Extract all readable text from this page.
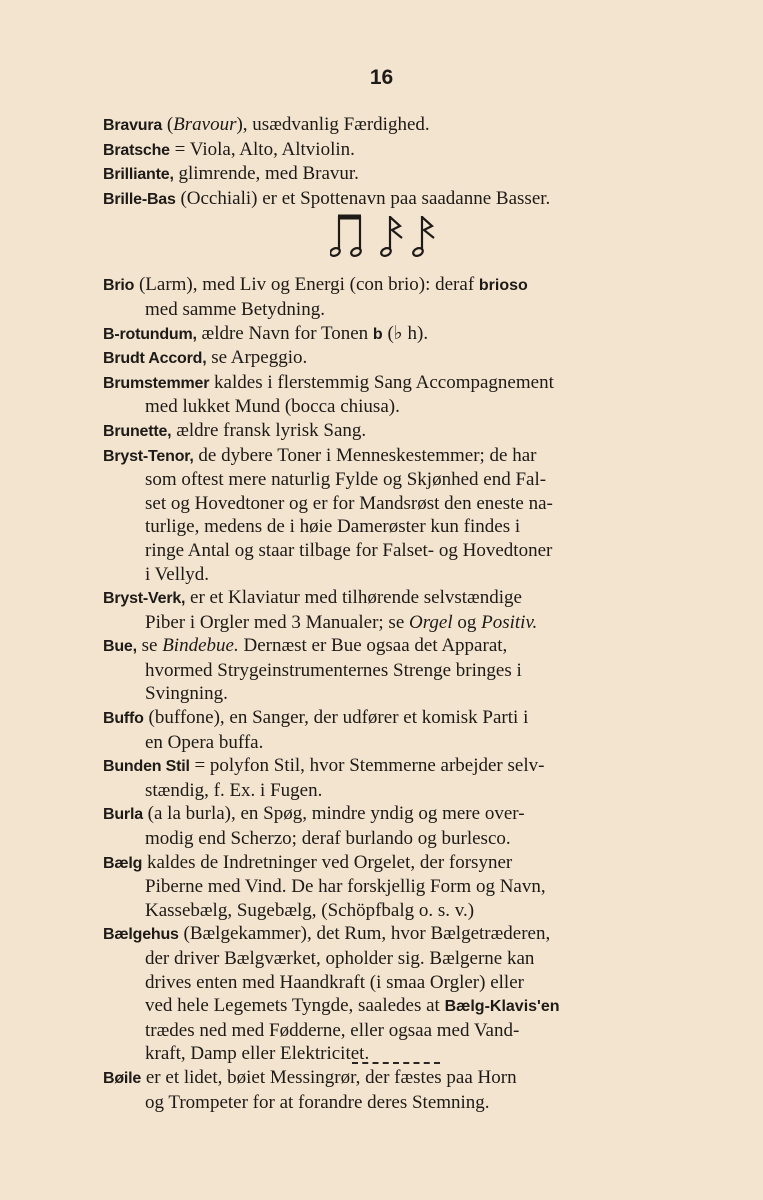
16
Bravura (Bravour), usædvanlig Færdighed.
Bratsche = Viola, Alto, Altviolin.
Brilliante, glimrende, med Bravur.
Brille-Bas (Occhiali) er et Spottenavn paa saadanne Basser.
Brio (Larm), med Liv og Energi (con brio): deraf brioso
med samme Betydning.
B-rotundum, ældre Navn for Tonen b (♭ h).
Brudt Accord, se Arpeggio.
Brumstemmer kaldes i flerstemmig Sang Accompagnement
med lukket Mund (bocca chiusa).
Brunette, ældre fransk lyrisk Sang.
Bryst-Tenor, de dybere Toner i Menneskestemmer; de har
som oftest mere naturlig Fylde og Skjønhed end Fal-
set og Hovedtoner og er for Mandsrøst den eneste na-
turlige, medens de i høie Damerøster kun findes i
ringe Antal og staar tilbage for Falset- og Hovedtoner
i Vellyd.
Bryst-Verk, er et Klaviatur med tilhørende selvstændige
Piber i Orgler med 3 Manualer; se Orgel og Positiv.
Bue, se Bindebue. Dernæst er Bue ogsaa det Apparat,
hvormed Strygeinstrumenternes Strenge bringes i
Svingning.
Buffo (buffone), en Sanger, der udfører et komisk Parti i
en Opera buffa.
Bunden Stil = polyfon Stil, hvor Stemmerne arbejder selv-
stændig, f. Ex. i Fugen.
Burla (a la burla), en Spøg, mindre yndig og mere over-
modig end Scherzo; deraf burlando og burlesco.
Bælg kaldes de Indretninger ved Orgelet, der forsyner
Piberne med Vind. De har forskjellig Form og Navn,
Kassebælg, Sugebælg, (Schöpfbalg o. s. v.)
Bælgehus (Bælgekammer), det Rum, hvor Bælgetræderen,
der driver Bælgværket, opholder sig. Bælgerne kan
drives enten med Haandkraft (i smaa Orgler) eller
ved hele Legemets Tyngde, saaledes at Bælg-Klavis'en
trædes ned med Fødderne, eller ogsaa med Vand-
kraft, Damp eller Elektricitet.
Bøile er et lidet, bøiet Messingrør, der fæstes paa Horn
og Trompeter for at forandre deres Stemning.
